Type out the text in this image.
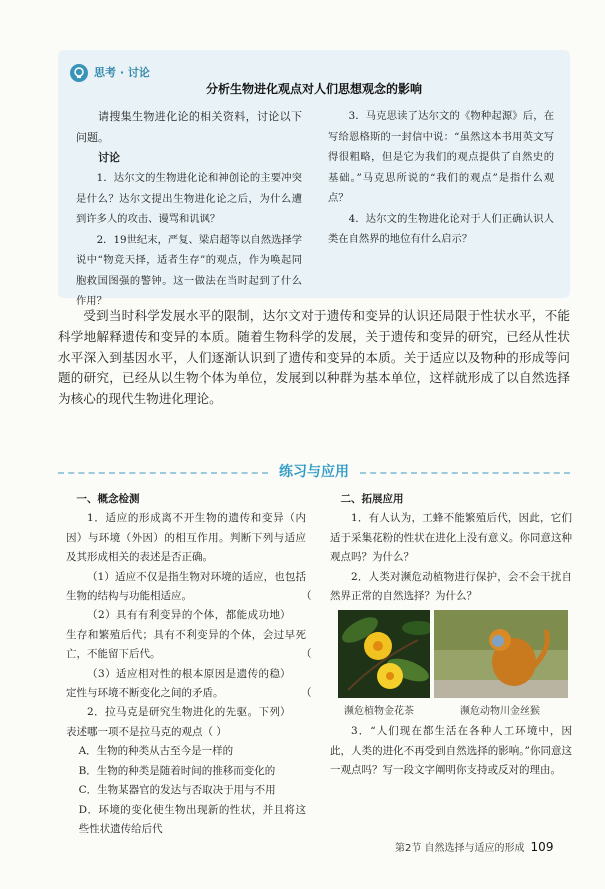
思考 · 讨论
分析生物进化观点对人们思想观念的影响

请搜集生物进化论的相关资料，讨论以下问题。

讨论

1．达尔文的生物进化论和神创论的主要冲突是什么？达尔文提出生物进化论之后，为什么遭到许多人的攻击、谩骂和讥讽？

2．19世纪末，严复、梁启超等以自然选择学说中“物竞天择，适者生存”的观点，作为唤起同胞救国图强的警钟。这一做法在当时起到了什么作用？

3．马克思读了达尔文的《物种起源》后，在写给恩格斯的一封信中说：“虽然这本书用英文写得很粗略，但是它为我们的观点提供了自然史的基础。”马克思所说的“我们的观点”是指什么观点？

4．达尔文的生物进化论对于人们正确认识人类在自然界的地位有什么启示？

受到当时科学发展水平的限制，达尔文对于遗传和变异的认识还局限于性状水平，不能科学地解释遗传和变异的本质。随着生物科学的发展，关于遗传和变异的研究，已经从性状水平深入到基因水平，人们逐渐认识到了遗传和变异的本质。关于适应以及物种的形成等问题的研究，已经从以生物个体为单位，发展到以种群为基本单位，这样就形成了以自然选择为核心的现代生物进化理论。

练习与应用
一、概念检测

1．适应的形成离不开生物的遗传和变异（内因）与环境（外因）的相互作用。判断下列与适应及其形成相关的表述是否正确。

（1）适应不仅是指生物对环境的适应，也包括生物的结构与功能相适应。	（ ）

（2）具有有利变异的个体，都能成功地生存和繁殖后代；具有不利变异的个体，会过早死亡，不能留下后代。	（ ）

（3）适应相对性的根本原因是遗传的稳定性与环境不断变化之间的矛盾。	（ ）

2．拉马克是研究生物进化的先驱。下列表述哪一项不是拉马克的观点（ ）

A．生物的种类从古至今是一样的

B．生物的种类是随着时间的推移而变化的

C．生物某器官的发达与否取决于用与不用

D．环境的变化使生物出现新的性状，并且将这些性状遗传给后代

二、拓展应用

1．有人认为，工蜂不能繁殖后代，因此，它们适于采集花粉的性状在进化上没有意义。你同意这种观点吗？为什么？

2．人类对濒危动植物进行保护，会不会干扰自然界正常的自然选择？为什么？

濒危植物金花茶	濒危动物川金丝猴

3．“人们现在都生活在各种人工环境中，因此，人类的进化不再受到自然选择的影响。”你同意这一观点吗？写一段文字阐明你支持或反对的理由。

第2节 自然选择与适应的形成 109
